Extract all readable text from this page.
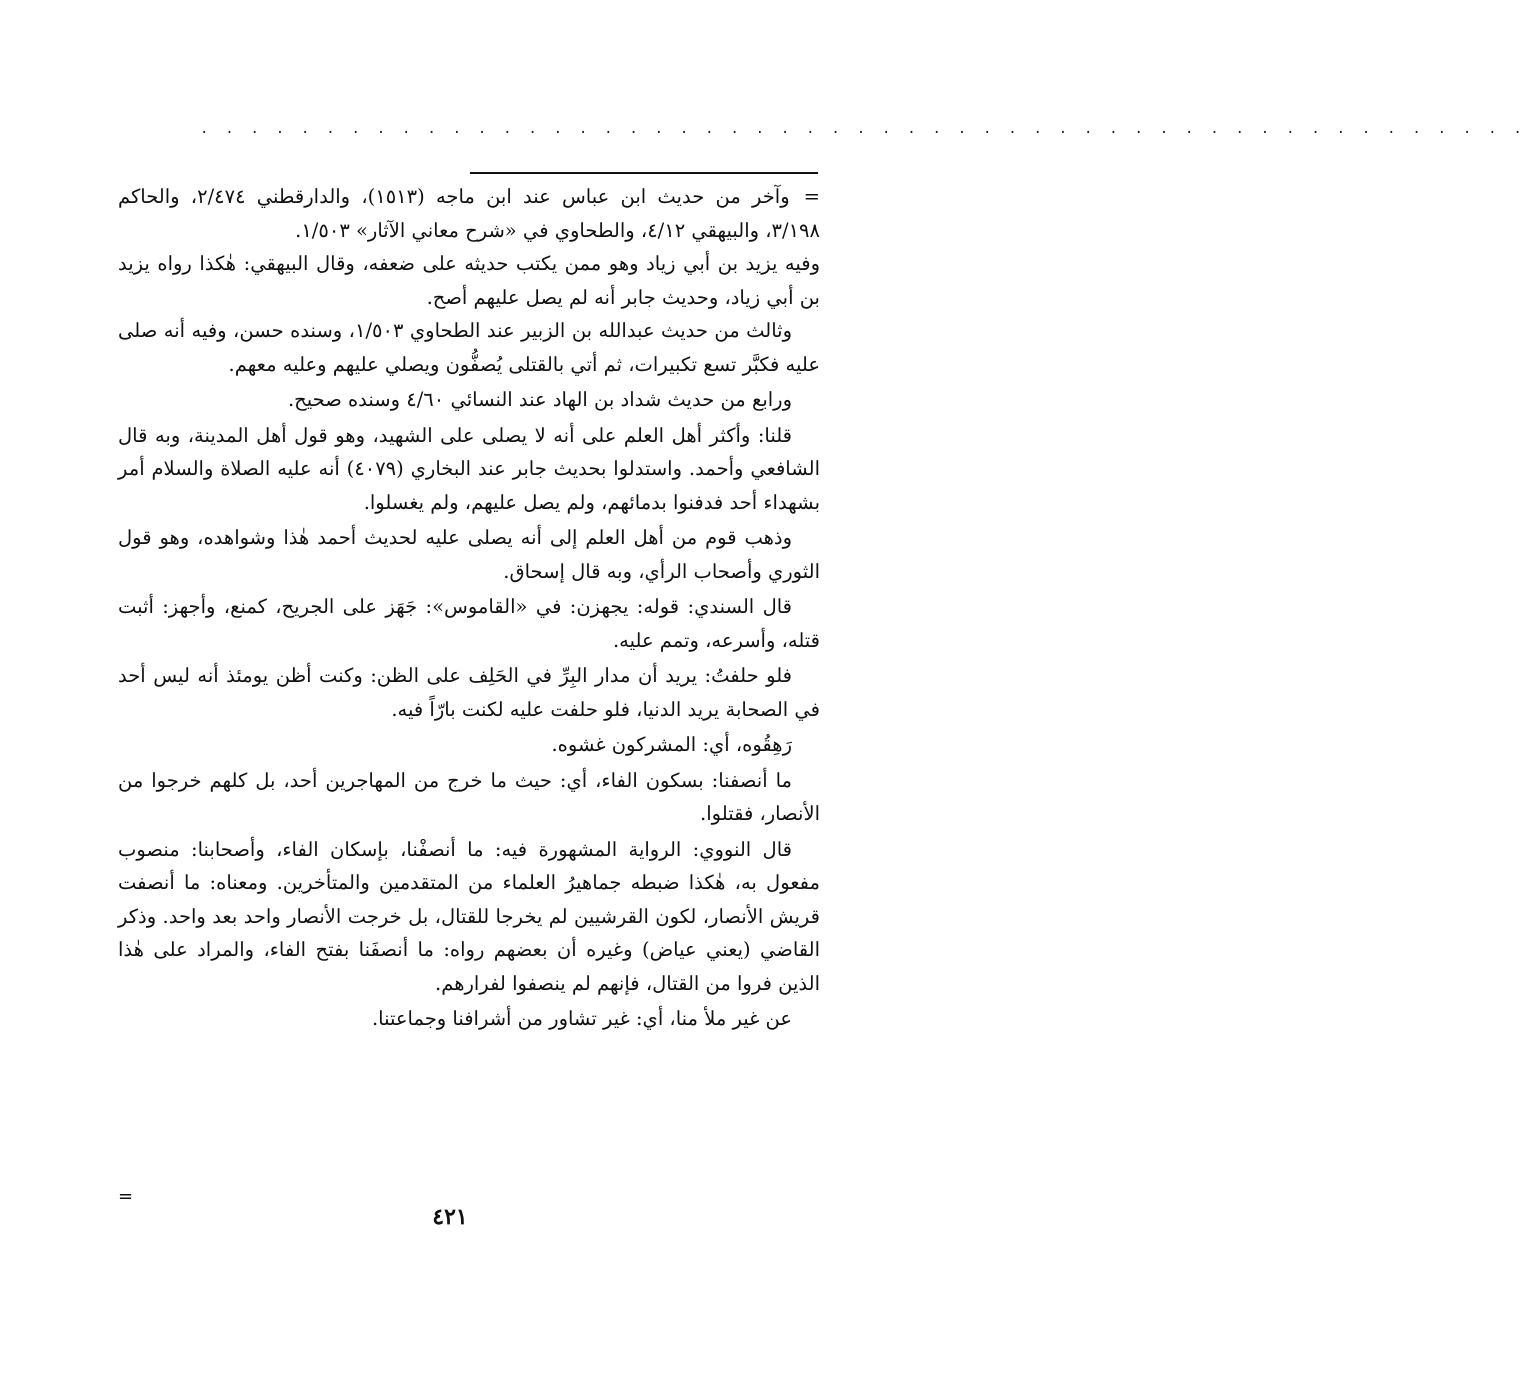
· · · · · · · · · · · · · · · · · · · · · · · · · · · · · · · · · · · · · · · · · · · · · · · · · · · · ·

=وآخر من حديث ابن عباس عند ابن ماجه (١٥١٣)، والدارقطني ٢/٤٧٤، والحاكم ٣/١٩٨، والبيهقي ٤/١٢، والطحاوي في «شرح معاني الآثار» ١/٥٠٣.

وفيه يزيد بن أبي زياد وهو ممن يكتب حديثه على ضعفه، وقال البيهقي: هٰكذا رواه يزيد بن أبي زياد، وحديث جابر أنه لم يصل عليهم أصح.

وثالث من حديث عبدالله بن الزبير عند الطحاوي ١/٥٠٣، وسنده حسن، وفيه أنه صلى عليه فكبَّر تسع تكبيرات، ثم أتي بالقتلى يُصفُّون ويصلي عليهم وعليه معهم.

ورابع من حديث شداد بن الهاد عند النسائي ٤/٦٠ وسنده صحيح.

قلنا: وأكثر أهل العلم على أنه لا يصلى على الشهيد، وهو قول أهل المدينة، وبه قال الشافعي وأحمد. واستدلوا بحديث جابر عند البخاري (٤٠٧٩) أنه عليه الصلاة والسلام أمر بشهداء أحد فدفنوا بدمائهم، ولم يصل عليهم، ولم يغسلوا.

وذهب قوم من أهل العلم إلى أنه يصلى عليه لحديث أحمد هٰذا وشواهده، وهو قول الثوري وأصحاب الرأي، وبه قال إسحاق.

قال السندي: قوله: يجهزن: في «القاموس»: جَهَز على الجريح، كمنع، وأجهز: أثبت قتله، وأسرعه، وتمم عليه.

فلو حلفتُ: يريد أن مدار البِرِّ في الحَلِف على الظن: وكنت أظن يومئذ أنه ليس أحد في الصحابة يريد الدنيا، فلو حلفت عليه لكنت بارّاً فيه.

رَهِقُوه، أي: المشركون غشوه.

ما أنصفنا: بسكون الفاء، أي: حيث ما خرج من المهاجرين أحد، بل كلهم خرجوا من الأنصار، فقتلوا.

قال النووي: الرواية المشهورة فيه: ما أنصفْنا، بإسكان الفاء، وأصحابنا: منصوب مفعول به، هٰكذا ضبطه جماهيرُ العلماء من المتقدمين والمتأخرين. ومعناه: ما أنصفت قريش الأنصار، لكون القرشيين لم يخرجا للقتال، بل خرجت الأنصار واحد بعد واحد. وذكر القاضي (يعني عياض) وغيره أن بعضهم رواه: ما أنصفَنا بفتح الفاء، والمراد على هٰذا الذين فروا من القتال، فإنهم لم ينصفوا لفرارهم.

عن غير ملأ منا، أي: غير تشاور من أشرافنا وجماعتنا.

=
٤٢١
